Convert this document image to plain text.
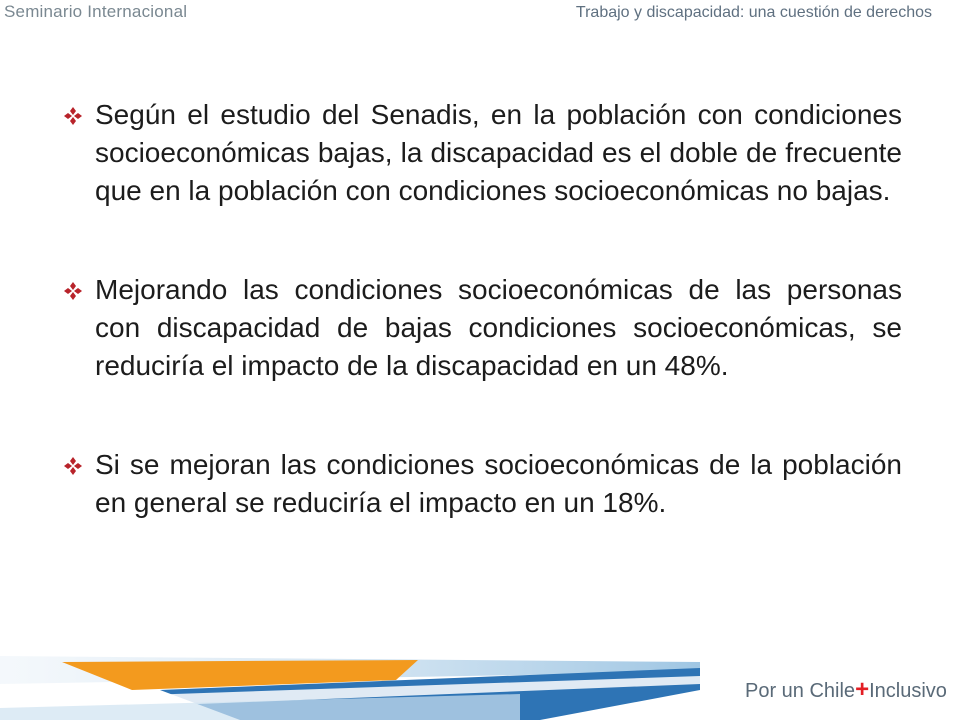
Seminario Internacional	Trabajo y discapacidad: una cuestión de derechos
Según el estudio del Senadis, en la población con condiciones socioeconómicas bajas, la discapacidad es el doble de frecuente que en la población con condiciones socioeconómicas no bajas.
Mejorando las condiciones socioeconómicas de las personas con discapacidad de bajas condiciones socioeconómicas, se reduciría el impacto de la discapacidad en un 48%.
Si se mejoran las condiciones socioeconómicas de la población en general se reduciría el impacto en un 18%.
Por un Chile+Inclusivo
